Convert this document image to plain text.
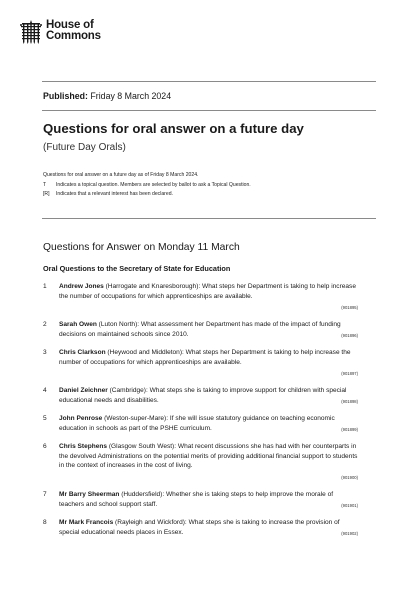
House of
Commons
Published: Friday 8 March 2024
Questions for oral answer on a future day
(Future Day Orals)
Questions for oral answer on a future day as of Friday 8 March 2024.
T	Indicates a topical question. Members are selected by ballot to ask a Topical Question.
[R]	Indicates that a relevant interest has been declared.
Questions for Answer on Monday 11 March
Oral Questions to the Secretary of State for Education
1	Andrew Jones (Harrogate and Knaresborough): What steps her Department is taking to help increase the number of occupations for which apprenticeships are available.
(901895)
2	Sarah Owen (Luton North): What assessment her Department has made of the impact of funding decisions on maintained schools since 2010.	(901896)
3	Chris Clarkson (Heywood and Middleton): What steps her Department is taking to help increase the number of occupations for which apprenticeships are available.
(901897)
4	Daniel Zeichner (Cambridge): What steps she is taking to improve support for children with special educational needs and disabilities.	(901898)
5	John Penrose (Weston-super-Mare): If she will issue statutory guidance on teaching economic education in schools as part of the PSHE curriculum.	(901899)
6	Chris Stephens (Glasgow South West): What recent discussions she has had with her counterparts in the devolved Administrations on the potential merits of providing additional financial support to students in the context of increases in the cost of living.
(901900)
7	Mr Barry Sheerman (Huddersfield): Whether she is taking steps to help improve the morale of teachers and school support staff.	(901901)
8	Mr Mark Francois (Rayleigh and Wickford): What steps she is taking to increase the provision of special educational needs places in Essex.	(901902)
